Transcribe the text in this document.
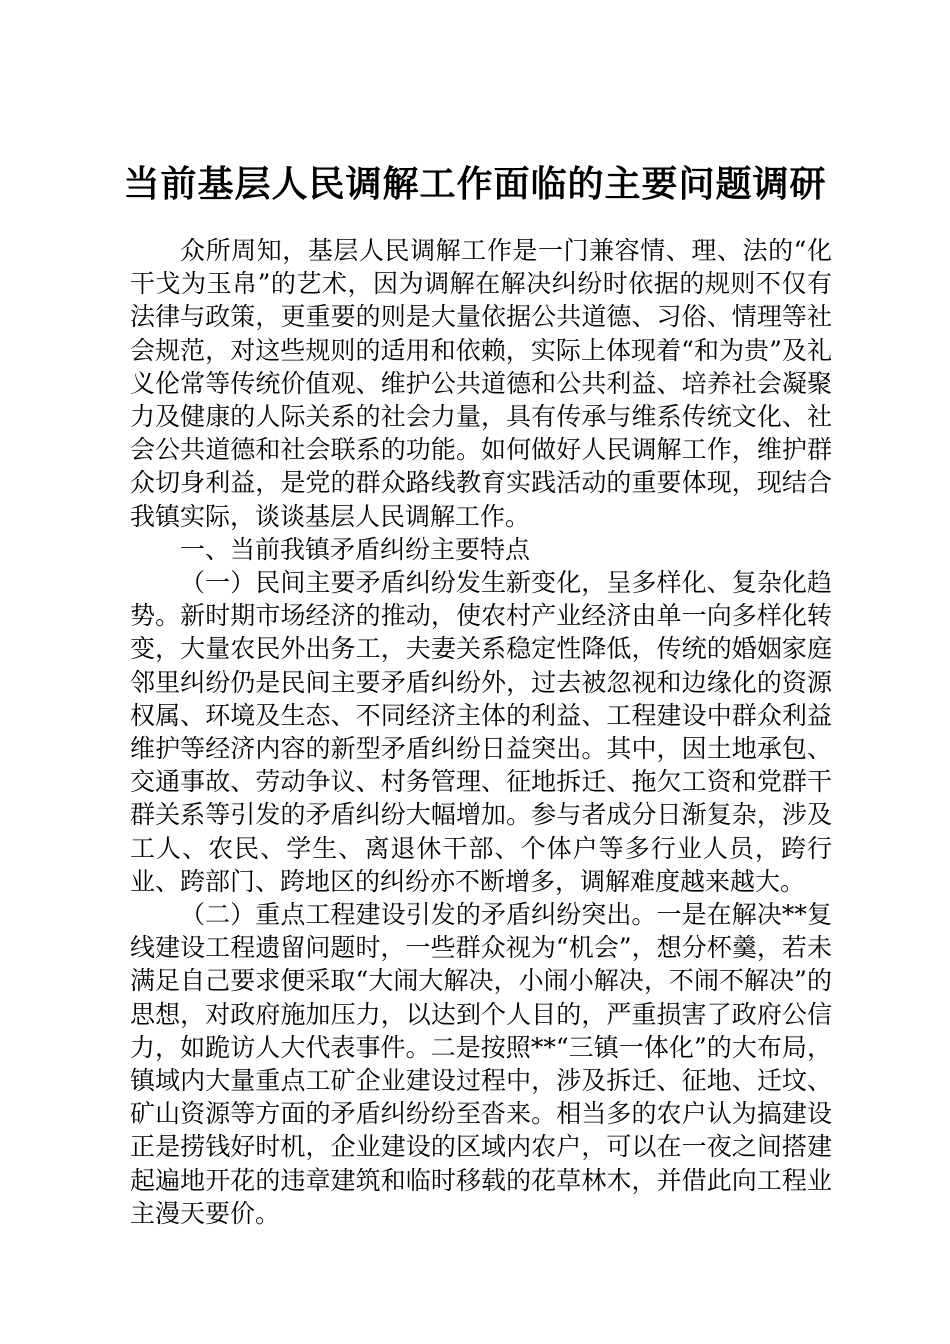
当前基层人民调解工作面临的主要问题调研

众所周知，基层人民调解工作是一门兼容情、理、法的“化干戈为玉帛”的艺术，因为调解在解决纠纷时依据的规则不仅有法律与政策，更重要的则是大量依据公共道德、习俗、情理等社会规范，对这些规则的适用和依赖，实际上体现着“和为贵”及礼义伦常等传统价值观、维护公共道德和公共利益、培养社会凝聚力及健康的人际关系的社会力量，具有传承与维系传统文化、社会公共道德和社会联系的功能。如何做好人民调解工作，维护群众切身利益，是党的群众路线教育实践活动的重要体现，现结合我镇实际，谈谈基层人民调解工作。

一、当前我镇矛盾纠纷主要特点

（一）民间主要矛盾纠纷发生新变化，呈多样化、复杂化趋势。新时期市场经济的推动，使农村产业经济由单一向多样化转变，大量农民外出务工，夫妻关系稳定性降低，传统的婚姻家庭邻里纠纷仍是民间主要矛盾纠纷外，过去被忽视和边缘化的资源权属、环境及生态、不同经济主体的利益、工程建设中群众利益维护等经济内容的新型矛盾纠纷日益突出。其中，因土地承包、交通事故、劳动争议、村务管理、征地拆迁、拖欠工资和党群干群关系等引发的矛盾纠纷大幅增加。参与者成分日渐复杂，涉及工人、农民、学生、离退休干部、个体户等多行业人员，跨行业、跨部门、跨地区的纠纷亦不断增多，调解难度越来越大。

（二）重点工程建设引发的矛盾纠纷突出。一是在解决**复线建设工程遗留问题时，一些群众视为“机会”，想分杯羹，若未满足自己要求便采取“大闹大解决，小闹小解决，不闹不解决”的思想，对政府施加压力，以达到个人目的，严重损害了政府公信力，如跪访人大代表事件。二是按照**“三镇一体化”的大布局，镇域内大量重点工矿企业建设过程中，涉及拆迁、征地、迁坟、矿山资源等方面的矛盾纠纷纷至沓来。相当多的农户认为搞建设正是捞钱好时机，企业建设的区域内农户，可以在一夜之间搭建起遍地开花的违章建筑和临时移载的花草林木，并借此向工程业主漫天要价。
